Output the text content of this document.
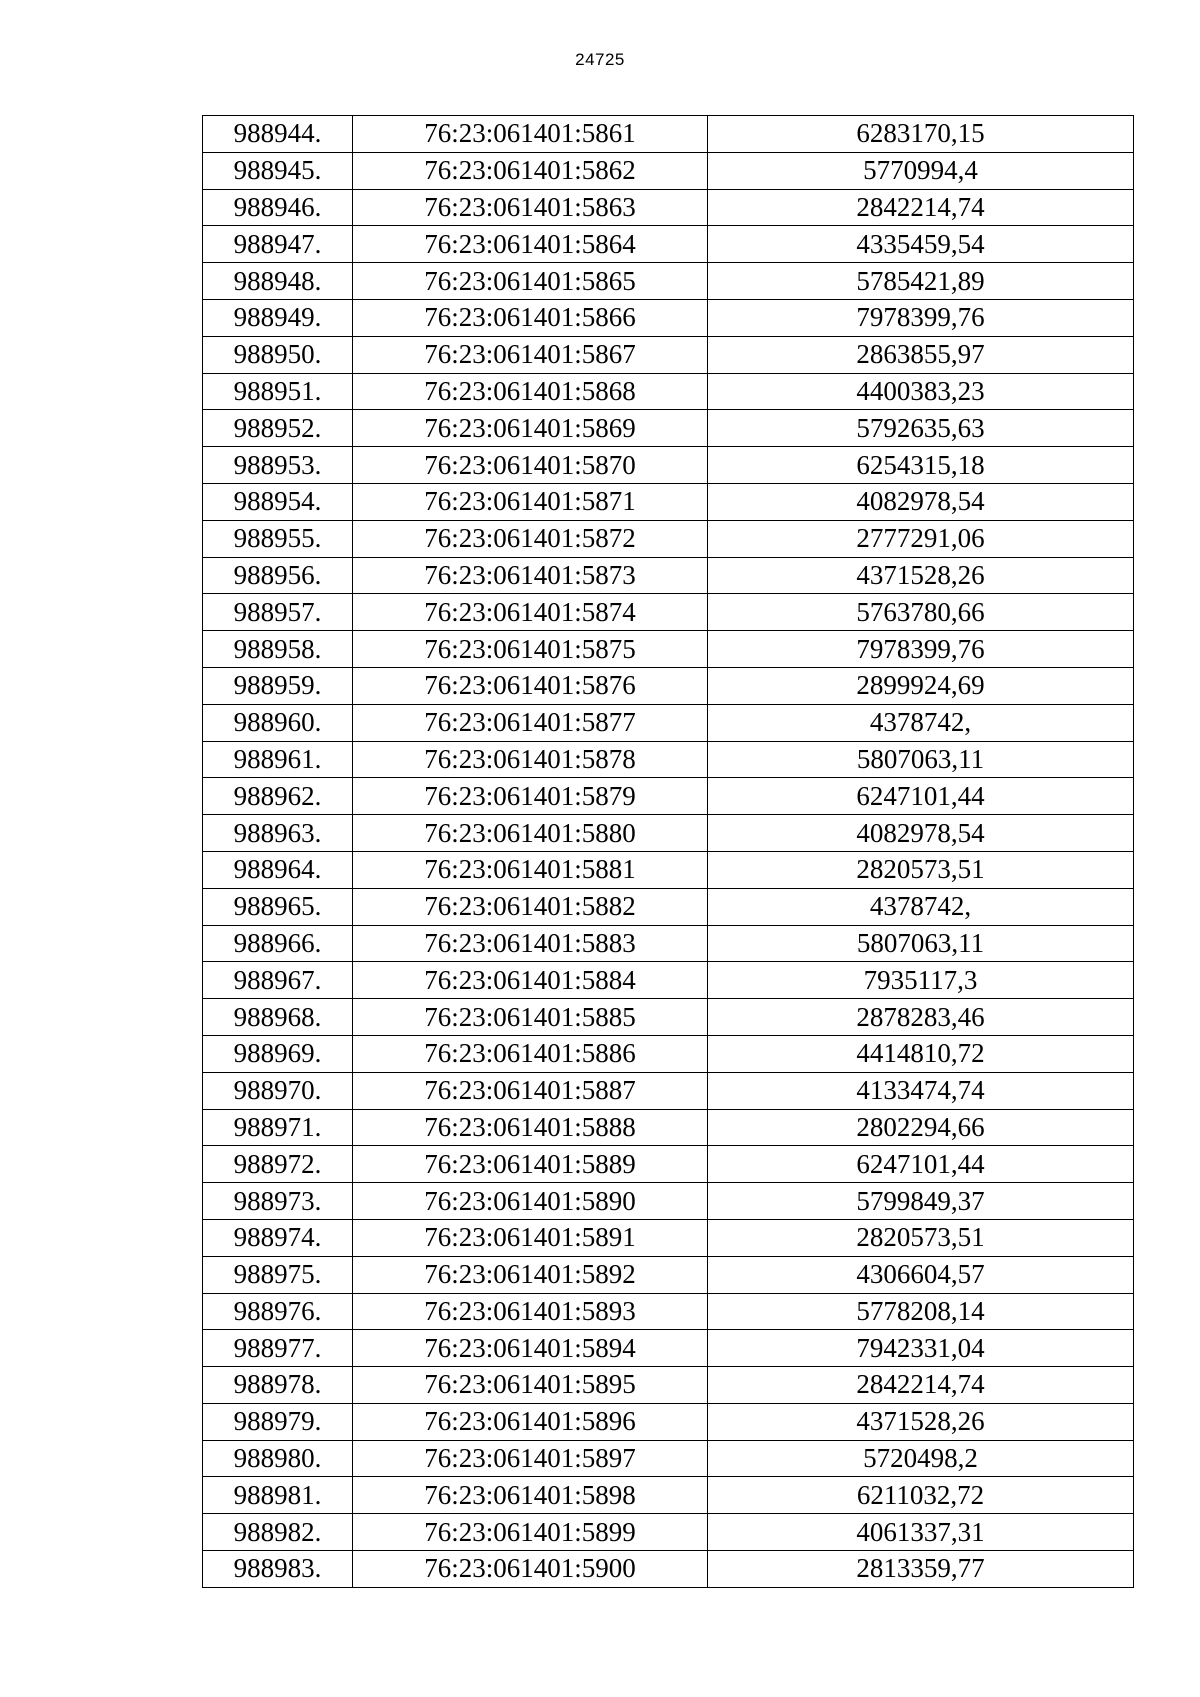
24725
988944.	76:23:061401:5861	6283170,15
988945.	76:23:061401:5862	5770994,4
988946.	76:23:061401:5863	2842214,74
988947.	76:23:061401:5864	4335459,54
988948.	76:23:061401:5865	5785421,89
988949.	76:23:061401:5866	7978399,76
988950.	76:23:061401:5867	2863855,97
988951.	76:23:061401:5868	4400383,23
988952.	76:23:061401:5869	5792635,63
988953.	76:23:061401:5870	6254315,18
988954.	76:23:061401:5871	4082978,54
988955.	76:23:061401:5872	2777291,06
988956.	76:23:061401:5873	4371528,26
988957.	76:23:061401:5874	5763780,66
988958.	76:23:061401:5875	7978399,76
988959.	76:23:061401:5876	2899924,69
988960.	76:23:061401:5877	4378742,
988961.	76:23:061401:5878	5807063,11
988962.	76:23:061401:5879	6247101,44
988963.	76:23:061401:5880	4082978,54
988964.	76:23:061401:5881	2820573,51
988965.	76:23:061401:5882	4378742,
988966.	76:23:061401:5883	5807063,11
988967.	76:23:061401:5884	7935117,3
988968.	76:23:061401:5885	2878283,46
988969.	76:23:061401:5886	4414810,72
988970.	76:23:061401:5887	4133474,74
988971.	76:23:061401:5888	2802294,66
988972.	76:23:061401:5889	6247101,44
988973.	76:23:061401:5890	5799849,37
988974.	76:23:061401:5891	2820573,51
988975.	76:23:061401:5892	4306604,57
988976.	76:23:061401:5893	5778208,14
988977.	76:23:061401:5894	7942331,04
988978.	76:23:061401:5895	2842214,74
988979.	76:23:061401:5896	4371528,26
988980.	76:23:061401:5897	5720498,2
988981.	76:23:061401:5898	6211032,72
988982.	76:23:061401:5899	4061337,31
988983.	76:23:061401:5900	2813359,77
